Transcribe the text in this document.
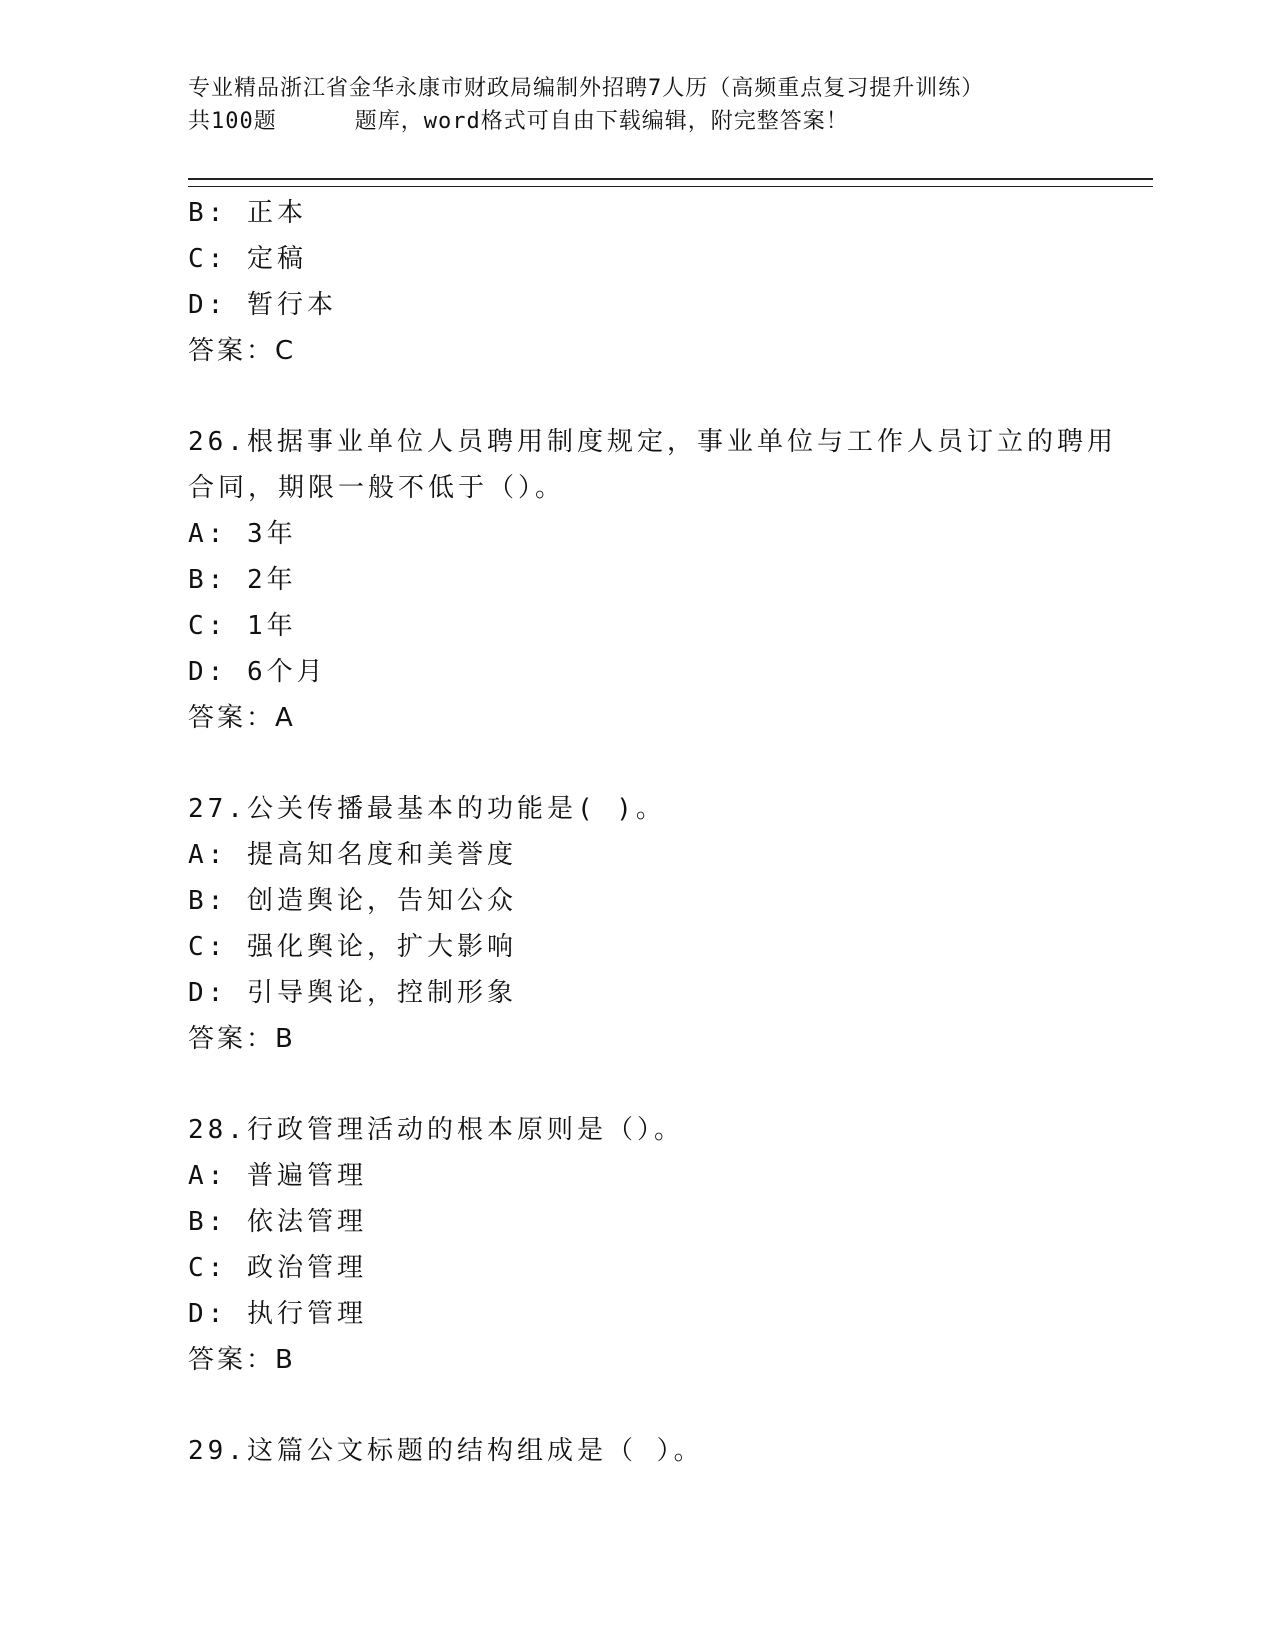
专业精品浙江省金华永康市财政局编制外招聘7人历（高频重点复习提升训练）
共100题	题库，word格式可自由下载编辑，附完整答案！
B: 正本
C: 定稿
D: 暂行本
答案：C
26.根据事业单位人员聘用制度规定，事业单位与工作人员订立的聘用
合同，期限一般不低于（）。
A: 3年
B: 2年
C: 1年
D: 6个月
答案：A
27.公关传播最基本的功能是( )。
A: 提高知名度和美誉度
B: 创造舆论，告知公众
C: 强化舆论，扩大影响
D: 引导舆论，控制形象
答案：B
28.行政管理活动的根本原则是（）。
A: 普遍管理
B: 依法管理
C: 政治管理
D: 执行管理
答案：B
29.这篇公文标题的结构组成是（ ）。
